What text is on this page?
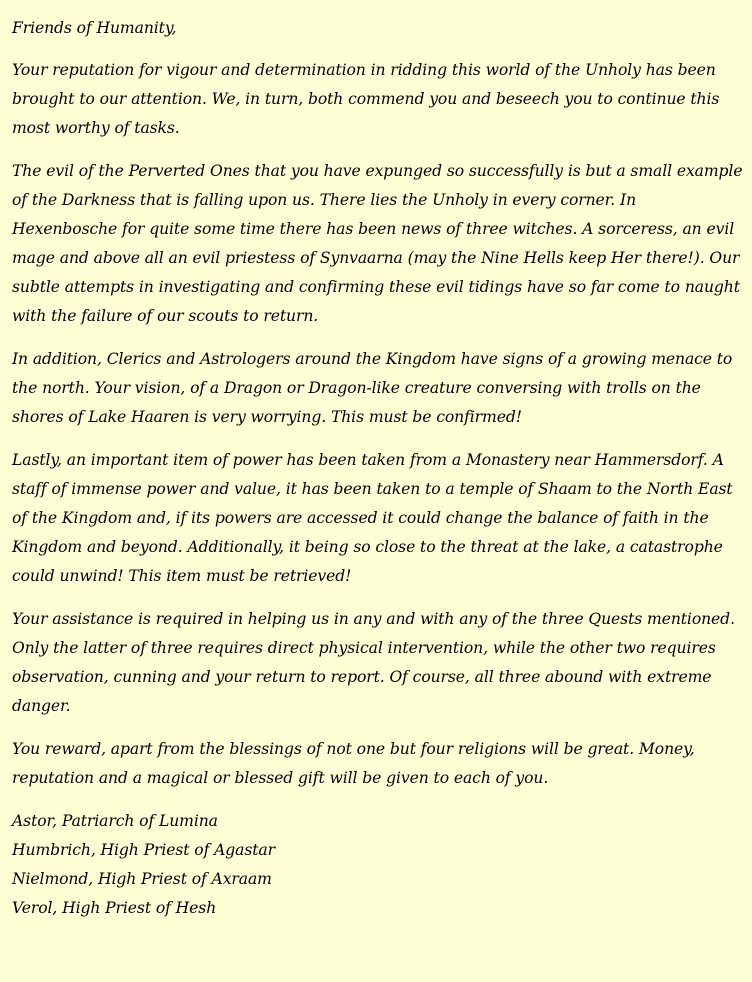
Friends of Humanity,

Your reputation for vigour and determination in ridding this world of the Unholy has been brought to our attention. We, in turn, both commend you and beseech you to continue this most worthy of tasks.

The evil of the Perverted Ones that you have expunged so successfully is but a small example of the Darkness that is falling upon us. There lies the Unholy in every corner. In Hexenbosche for quite some time there has been news of three witches. A sorceress, an evil mage and above all an evil priestess of Synvaarna (may the Nine Hells keep Her there!). Our subtle attempts in investigating and confirming these evil tidings have so far come to naught with the failure of our scouts to return.

In addition, Clerics and Astrologers around the Kingdom have signs of a growing menace to the north. Your vision, of a Dragon or Dragon-like creature conversing with trolls on the shores of Lake Haaren is very worrying. This must be confirmed!

Lastly, an important item of power has been taken from a Monastery near Hammersdorf. A staff of immense power and value, it has been taken to a temple of Shaam to the North East of the Kingdom and, if its powers are accessed it could change the balance of faith in the Kingdom and beyond. Additionally, it being so close to the threat at the lake, a catastrophe could unwind! This item must be retrieved!

Your assistance is required in helping us in any and with any of the three Quests mentioned. Only the latter of three requires direct physical intervention, while the other two requires observation, cunning and your return to report. Of course, all three abound with extreme danger.

You reward, apart from the blessings of not one but four religions will be great. Money, reputation and a magical or blessed gift will be given to each of you.

Astor, Patriarch of Lumina
Humbrich, High Priest of Agastar
Nielmond, High Priest of Axraam
Verol, High Priest of Hesh
